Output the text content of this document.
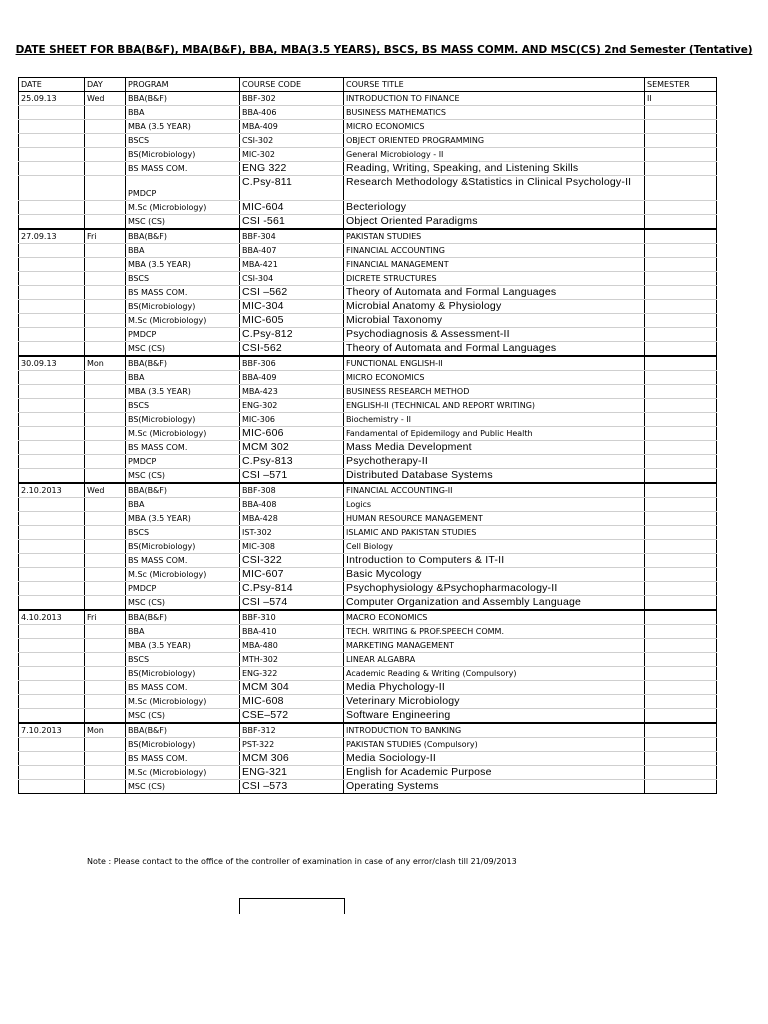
DATE SHEET FOR BBA(B&F), MBA(B&F), BBA, MBA(3.5 YEARS), BSCS, BS MASS COMM. AND MSC(CS) 2nd Semester (Tentative)
DATE	DAY	PROGRAM	COURSE CODE	COURSE TITLE	SEMESTER
25.09.13	Wed	BBA(B&F)	BBF-302	INTRODUCTION TO FINANCE	II
		BBA	BBA-406	BUSINESS MATHEMATICS	
		MBA (3.5 YEAR)	MBA-409	MICRO ECONOMICS	
		BSCS	CSI-302	OBJECT ORIENTED PROGRAMMING	
		BS(Microbiology)	MIC-302	General Microbiology - II	
		BS MASS COM.	ENG 322	Reading, Writing, Speaking, and Listening Skills	
		PMDCP	C.Psy-811	Research Methodology &Statistics in Clinical Psychology-II	
		M.Sc (Microbiology)	MIC-604	Becteriology	
		MSC (CS)	CSI -561	Object Oriented Paradigms	
27.09.13	Fri	BBA(B&F)	BBF-304	PAKISTAN STUDIES	
		BBA	BBA-407	FINANCIAL ACCOUNTING	
		MBA (3.5 YEAR)	MBA-421	FINANCIAL MANAGEMENT	
		BSCS	CSI-304	DICRETE STRUCTURES	
		BS MASS COM.	CSI –562	Theory of Automata and Formal Languages	
		BS(Microbiology)	MIC-304	Microbial Anatomy & Physiology	
		M.Sc (Microbiology)	MIC-605	Microbial Taxonomy	
		PMDCP	C.Psy-812	Psychodiagnosis & Assessment-II	
		MSC (CS)	CSI-562	Theory of Automata and Formal Languages	
30.09.13	Mon	BBA(B&F)	BBF-306	FUNCTIONAL ENGLISH-II	
		BBA	BBA-409	MICRO ECONOMICS	
		MBA (3.5 YEAR)	MBA-423	BUSINESS RESEARCH METHOD	
		BSCS	ENG-302	ENGLISH-II (TECHNICAL AND REPORT WRITING)	
		BS(Microbiology)	MIC-306	Biochemistry - II	
		M.Sc (Microbiology)	MIC-606	Fandamental of Epidemilogy and Public Health	
		BS MASS COM.	MCM 302	Mass Media Development	
		PMDCP	C.Psy-813	Psychotherapy-II	
		MSC (CS)	CSI –571	Distributed Database Systems	
2.10.2013	Wed	BBA(B&F)	BBF-308	FINANCIAL ACCOUNTING-II	
		BBA	BBA-408	Logics	
		MBA (3.5 YEAR)	MBA-428	HUMAN RESOURCE MANAGEMENT	
		BSCS	IST-302	ISLAMIC AND PAKISTAN STUDIES	
		BS(Microbiology)	MIC-308	Cell Biology	
		BS MASS COM.	CSI-322	Introduction to Computers & IT-II	
		M.Sc (Microbiology)	MIC-607	Basic Mycology	
		PMDCP	C.Psy-814	Psychophysiology &Psychopharmacology-II	
		MSC (CS)	CSI –574	Computer Organization and Assembly Language	
4.10.2013	Fri	BBA(B&F)	BBF-310	MACRO ECONOMICS	
		BBA	BBA-410	TECH. WRITING & PROF.SPEECH COMM.	
		MBA (3.5 YEAR)	MBA-480	MARKETING MANAGEMENT	
		BSCS	MTH-302	LINEAR ALGABRA	
		BS(Microbiology)	ENG-322	Academic Reading & Writing (Compulsory)	
		BS MASS COM.	MCM 304	Media Phychology-II	
		M.Sc (Microbiology)	MIC-608	Veterinary Microbiology	
		MSC (CS)	CSE–572	Software Engineering	
7.10.2013	Mon	BBA(B&F)	BBF-312	INTRODUCTION TO BANKING	
		BS(Microbiology)	PST-322	PAKISTAN STUDIES (Compulsory)	
		BS MASS COM.	MCM 306	Media Sociology-II	
		M.Sc (Microbiology)	ENG-321	English for Academic Purpose	
		MSC (CS)	CSI –573	Operating Systems	
Note : Please contact to the office of the controller of examination in case of any error/clash till 21/09/2013
